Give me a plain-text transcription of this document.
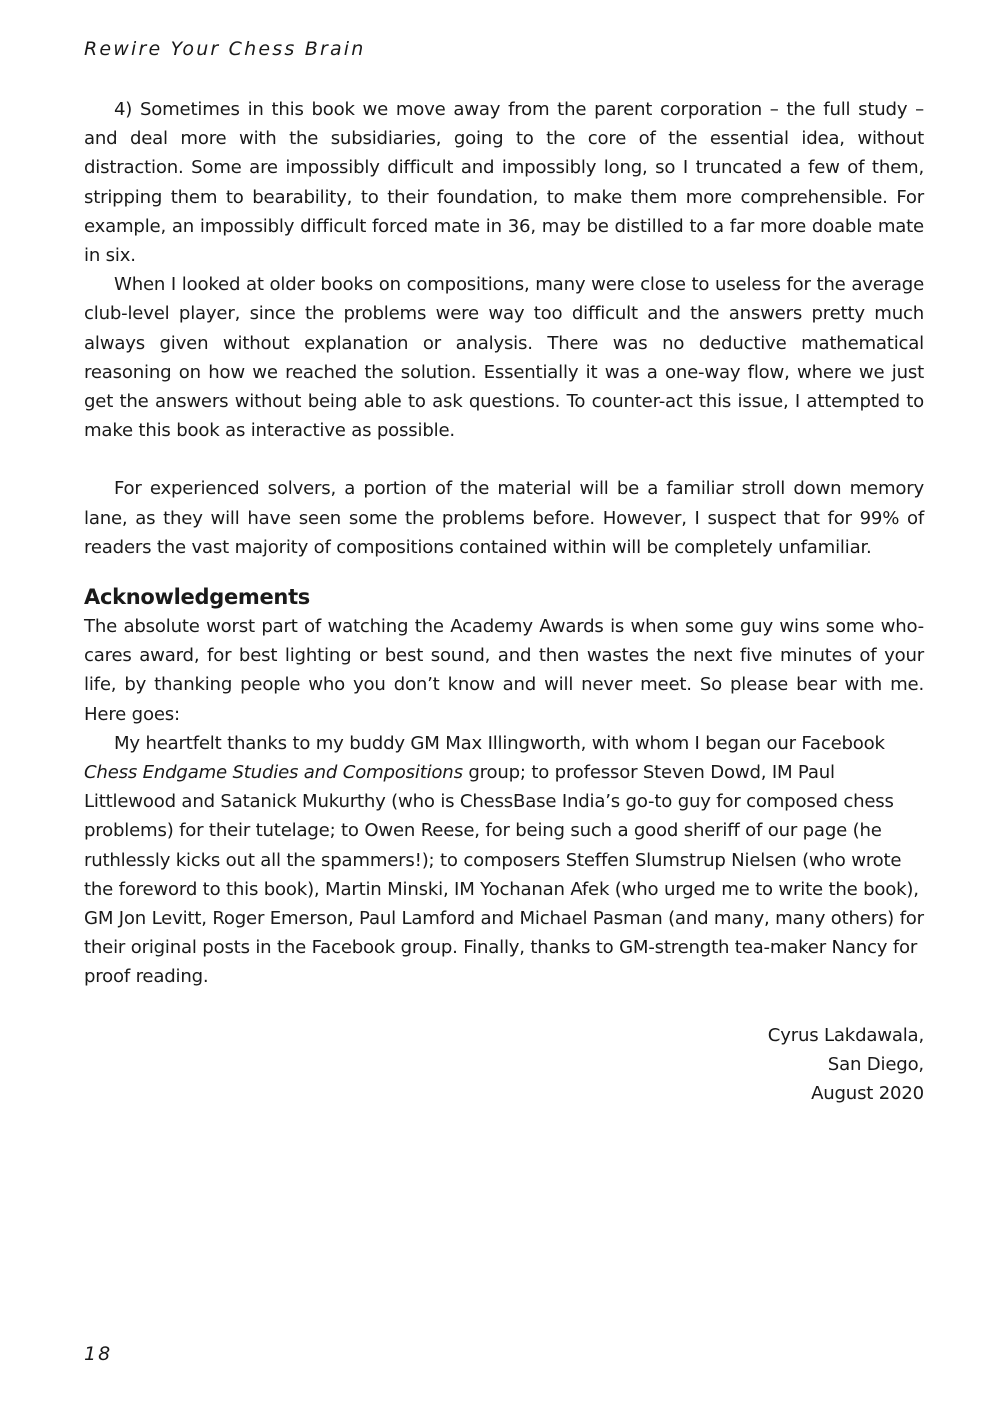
Rewire Your Chess Brain

4) Sometimes in this book we move away from the parent corporation – the full study – and deal more with the subsidiaries, going to the core of the essential idea, without distraction. Some are impossibly difficult and impossibly long, so I truncated a few of them, stripping them to bearability, to their foundation, to make them more comprehensible. For example, an impossibly difficult forced mate in 36, may be distilled to a far more doable mate in six.

When I looked at older books on compositions, many were close to useless for the average club-level player, since the problems were way too difficult and the answers pretty much always given without explanation or analysis. There was no deductive mathematical reasoning on how we reached the solution. Essentially it was a one-way flow, where we just get the answers without being able to ask questions. To counter-act this issue, I attempted to make this book as interactive as possible.

For experienced solvers, a portion of the material will be a familiar stroll down memory lane, as they will have seen some the problems before. However, I suspect that for 99% of readers the vast majority of compositions contained within will be completely unfamiliar.

Acknowledgements

The absolute worst part of watching the Academy Awards is when some guy wins some who-cares award, for best lighting or best sound, and then wastes the next five minutes of your life, by thanking people who you don’t know and will never meet. So please bear with me. Here goes:

My heartfelt thanks to my buddy GM Max Illingworth, with whom I began our Facebook Chess Endgame Studies and Compositions group; to professor Steven Dowd, IM Paul Littlewood and Satanick Mukurthy (who is ChessBase India’s go-to guy for composed chess problems) for their tutelage; to Owen Reese, for being such a good sheriff of our page (he ruthlessly kicks out all the spammers!); to composers Steffen Slumstrup Nielsen (who wrote the foreword to this book), Martin Minski, IM Yochanan Afek (who urged me to write the book), GM Jon Levitt, Roger Emerson, Paul Lamford and Michael Pasman (and many, many others) for their original posts in the Facebook group. Finally, thanks to GM-strength tea-maker Nancy for proof reading.

Cyrus Lakdawala,
San Diego,
August 2020

18
